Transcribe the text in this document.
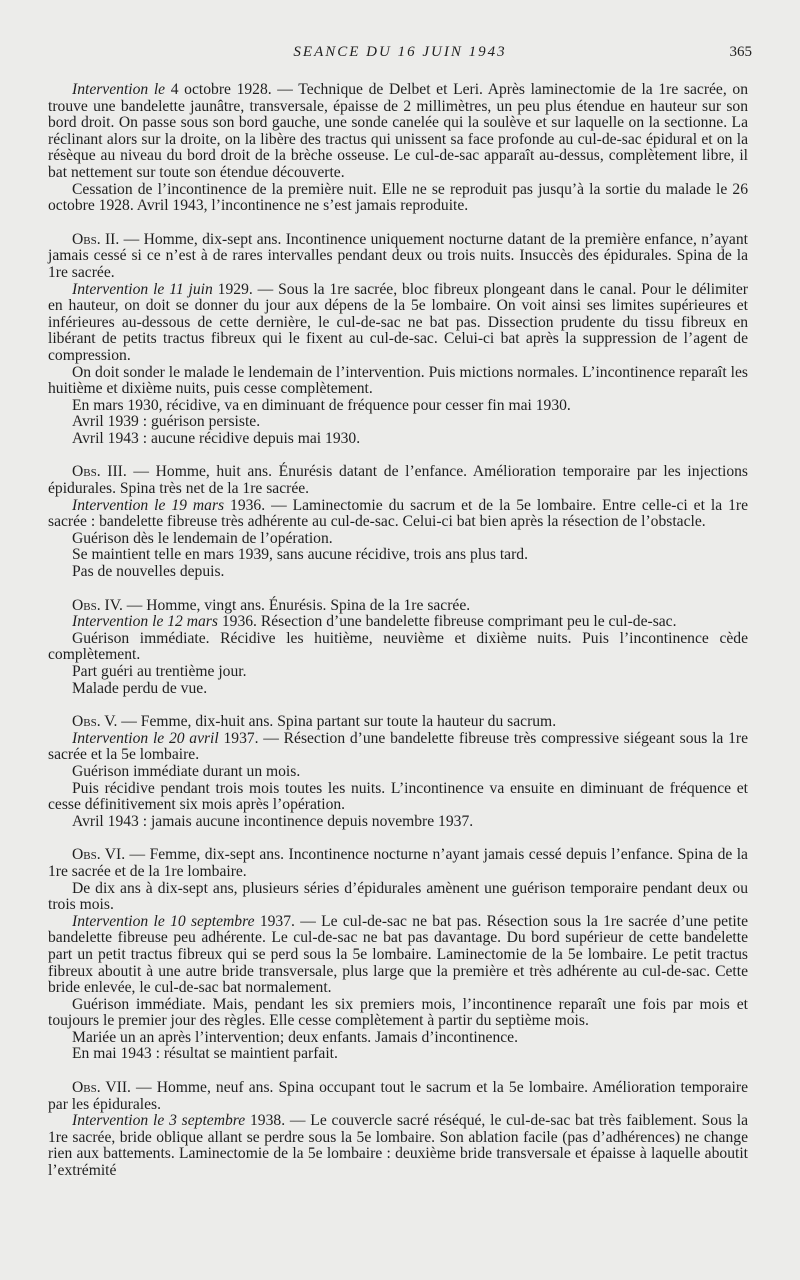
SEANCE DU 16 JUIN 1943	365

Intervention le 4 octobre 1928. — Technique de Delbet et Leri. Après laminectomie de la 1re sacrée, on trouve une bandelette jaunâtre, transversale, épaisse de 2 millimètres, un peu plus étendue en hauteur sur son bord droit. On passe sous son bord gauche, une sonde canelée qui la soulève et sur laquelle on la sectionne. La réclinant alors sur la droite, on la libère des tractus qui unissent sa face profonde au cul-de-sac épidural et on la résèque au niveau du bord droit de la brèche osseuse. Le cul-de-sac apparaît au-dessus, complètement libre, il bat nettement sur toute son étendue découverte.

Cessation de l’incontinence de la première nuit. Elle ne se reproduit pas jusqu’à la sortie du malade le 26 octobre 1928. Avril 1943, l’incontinence ne s’est jamais reproduite.

Obs. II. — Homme, dix-sept ans. Incontinence uniquement nocturne datant de la première enfance, n’ayant jamais cessé si ce n’est à de rares intervalles pendant deux ou trois nuits. Insuccès des épidurales. Spina de la 1re sacrée.

Intervention le 11 juin 1929. — Sous la 1re sacrée, bloc fibreux plongeant dans le canal. Pour le délimiter en hauteur, on doit se donner du jour aux dépens de la 5e lombaire. On voit ainsi ses limites supérieures et inférieures au-dessous de cette dernière, le cul-de-sac ne bat pas. Dissection prudente du tissu fibreux en libérant de petits tractus fibreux qui le fixent au cul-de-sac. Celui-ci bat après la suppression de l’agent de compression.

On doit sonder le malade le lendemain de l’intervention. Puis mictions normales. L’incontinence reparaît les huitième et dixième nuits, puis cesse complètement.

En mars 1930, récidive, va en diminuant de fréquence pour cesser fin mai 1930.

Avril 1939 : guérison persiste.

Avril 1943 : aucune récidive depuis mai 1930.

Obs. III. — Homme, huit ans. Énurésis datant de l’enfance. Amélioration temporaire par les injections épidurales. Spina très net de la 1re sacrée.

Intervention le 19 mars 1936. — Laminectomie du sacrum et de la 5e lombaire. Entre celle-ci et la 1re sacrée : bandelette fibreuse très adhérente au cul-de-sac. Celui-ci bat bien après la résection de l’obstacle.

Guérison dès le lendemain de l’opération.

Se maintient telle en mars 1939, sans aucune récidive, trois ans plus tard.

Pas de nouvelles depuis.

Obs. IV. — Homme, vingt ans. Énurésis. Spina de la 1re sacrée.

Intervention le 12 mars 1936. Résection d’une bandelette fibreuse comprimant peu le cul-de-sac.

Guérison immédiate. Récidive les huitième, neuvième et dixième nuits. Puis l’incontinence cède complètement.

Part guéri au trentième jour.

Malade perdu de vue.

Obs. V. — Femme, dix-huit ans. Spina partant sur toute la hauteur du sacrum.

Intervention le 20 avril 1937. — Résection d’une bandelette fibreuse très compressive siégeant sous la 1re sacrée et la 5e lombaire.

Guérison immédiate durant un mois.

Puis récidive pendant trois mois toutes les nuits. L’incontinence va ensuite en diminuant de fréquence et cesse définitivement six mois après l’opération.

Avril 1943 : jamais aucune incontinence depuis novembre 1937.

Obs. VI. — Femme, dix-sept ans. Incontinence nocturne n’ayant jamais cessé depuis l’enfance. Spina de la 1re sacrée et de la 1re lombaire.

De dix ans à dix-sept ans, plusieurs séries d’épidurales amènent une guérison temporaire pendant deux ou trois mois.

Intervention le 10 septembre 1937. — Le cul-de-sac ne bat pas. Résection sous la 1re sacrée d’une petite bandelette fibreuse peu adhérente. Le cul-de-sac ne bat pas davantage. Du bord supérieur de cette bandelette part un petit tractus fibreux qui se perd sous la 5e lombaire. Laminectomie de la 5e lombaire. Le petit tractus fibreux aboutit à une autre bride transversale, plus large que la première et très adhérente au cul-de-sac. Cette bride enlevée, le cul-de-sac bat normalement.

Guérison immédiate. Mais, pendant les six premiers mois, l’incontinence reparaît une fois par mois et toujours le premier jour des règles. Elle cesse complètement à partir du septième mois.

Mariée un an après l’intervention; deux enfants. Jamais d’incontinence.

En mai 1943 : résultat se maintient parfait.

Obs. VII. — Homme, neuf ans. Spina occupant tout le sacrum et la 5e lombaire. Amélioration temporaire par les épidurales.

Intervention le 3 septembre 1938. — Le couvercle sacré réséqué, le cul-de-sac bat très faiblement. Sous la 1re sacrée, bride oblique allant se perdre sous la 5e lombaire. Son ablation facile (pas d’adhérences) ne change rien aux battements. Laminectomie de la 5e lombaire : deuxième bride transversale et épaisse à laquelle aboutit l’extrémité
